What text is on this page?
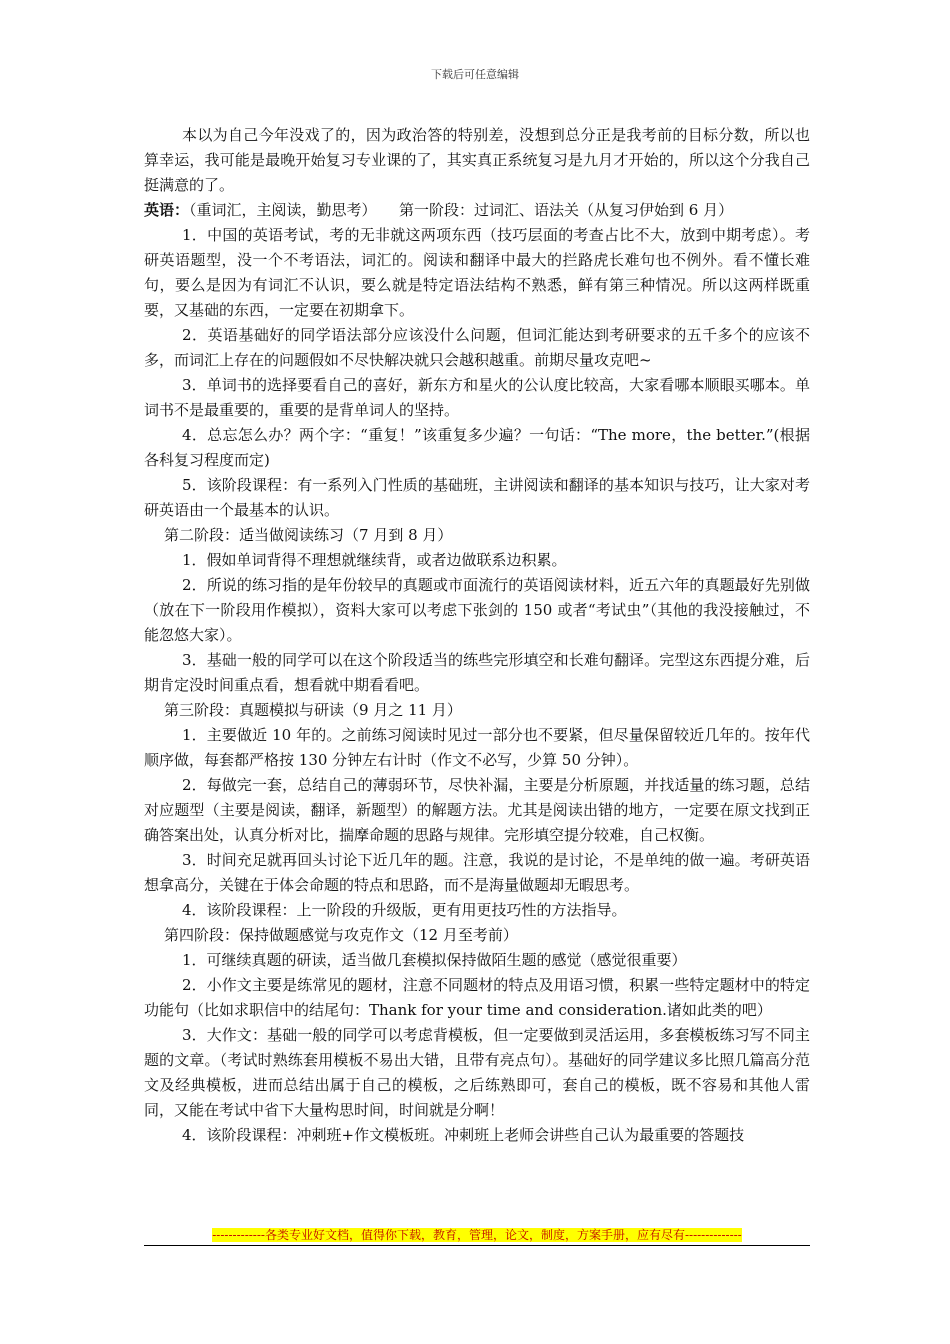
下载后可任意编辑

本以为自己今年没戏了的，因为政治答的特别差，没想到总分正是我考前的目标分数，所以也算幸运，我可能是最晚开始复习专业课的了，其实真正系统复习是九月才开始的，所以这个分我自己挺满意的了。

英语：（重词汇，主阅读，勤思考）　　第一阶段：过词汇、语法关（从复习伊始到 6 月）

1．中国的英语考试，考的无非就这两项东西（技巧层面的考查占比不大，放到中期考虑）。考研英语题型，没一个不考语法，词汇的。阅读和翻译中最大的拦路虎长难句也不例外。看不懂长难句，要么是因为有词汇不认识，要么就是特定语法结构不熟悉，鲜有第三种情况。所以这两样既重要，又基础的东西，一定要在初期拿下。

2．英语基础好的同学语法部分应该没什么问题，但词汇能达到考研要求的五千多个的应该不多，而词汇上存在的问题假如不尽快解决就只会越积越重。前期尽量攻克吧~

3．单词书的选择要看自己的喜好，新东方和星火的公认度比较高，大家看哪本顺眼买哪本。单词书不是最重要的，重要的是背单词人的坚持。

4．总忘怎么办？两个字：“重复！”该重复多少遍？一句话：“The more，the better.”(根据各科复习程度而定)

5．该阶段课程：有一系列入门性质的基础班，主讲阅读和翻译的基本知识与技巧，让大家对考研英语由一个最基本的认识。

第二阶段：适当做阅读练习（7 月到 8 月）

1．假如单词背得不理想就继续背，或者边做联系边积累。

2．所说的练习指的是年份较早的真题或市面流行的英语阅读材料，近五六年的真题最好先别做（放在下一阶段用作模拟），资料大家可以考虑下张剑的 150 或者“考试虫”（其他的我没接触过，不能忽悠大家）。

3．基础一般的同学可以在这个阶段适当的练些完形填空和长难句翻译。完型这东西提分难，后期肯定没时间重点看，想看就中期看看吧。

第三阶段：真题模拟与研读（9 月之 11 月）

1．主要做近 10 年的。之前练习阅读时见过一部分也不要紧，但尽量保留较近几年的。按年代顺序做，每套都严格按 130 分钟左右计时（作文不必写，少算 50 分钟）。

2．每做完一套，总结自己的薄弱环节，尽快补漏，主要是分析原题，并找适量的练习题，总结对应题型（主要是阅读，翻译，新题型）的解题方法。尤其是阅读出错的地方，一定要在原文找到正确答案出处，认真分析对比，揣摩命题的思路与规律。完形填空提分较难，自己权衡。

3．时间充足就再回头讨论下近几年的题。注意，我说的是讨论，不是单纯的做一遍。考研英语想拿高分，关键在于体会命题的特点和思路，而不是海量做题却无暇思考。

4．该阶段课程：上一阶段的升级版，更有用更技巧性的方法指导。

第四阶段：保持做题感觉与攻克作文（12 月至考前）

1．可继续真题的研读，适当做几套模拟保持做陌生题的感觉（感觉很重要）

2．小作文主要是练常见的题材，注意不同题材的特点及用语习惯，积累一些特定题材中的特定功能句（比如求职信中的结尾句：Thank for your time and consideration.诸如此类的吧）

3．大作文：基础一般的同学可以考虑背模板，但一定要做到灵活运用，多套模板练习写不同主题的文章。（考试时熟练套用模板不易出大错，且带有亮点句）。基础好的同学建议多比照几篇高分范文及经典模板，进而总结出属于自己的模板，之后练熟即可，套自己的模板，既不容易和其他人雷同，又能在考试中省下大量构思时间，时间就是分啊！

4．该阶段课程：冲刺班+作文模板班。冲刺班上老师会讲些自己认为最重要的答题技

-------------各类专业好文档，值得你下载，教育，管理，论文，制度，方案手册，应有尽有--------------
